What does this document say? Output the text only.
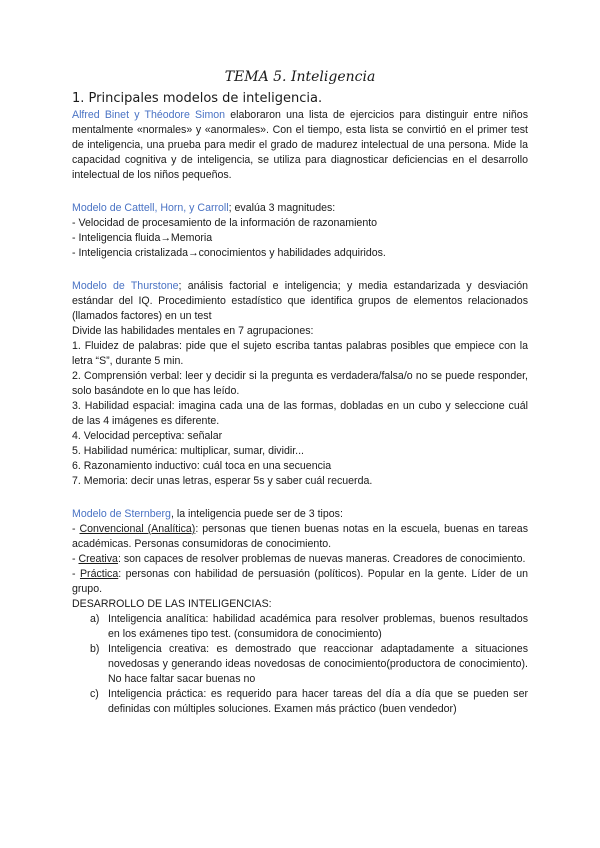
TEMA 5. Inteligencia
1. Principales modelos de inteligencia.

Alfred Binet y Théodore Simon elaboraron una lista de ejercicios para distinguir entre niños mentalmente «normales» y «anormales». Con el tiempo, esta lista se convirtió en el primer test de inteligencia, una prueba para medir el grado de madurez intelectual de una persona. Mide la capacidad cognitiva y de inteligencia, se utiliza para diagnosticar deficiencias en el desarrollo intelectual de los niños pequeños.

Modelo de Cattell, Horn, y Carroll; evalúa 3 magnitudes:

- Velocidad de procesamiento de la información de razonamiento
- Inteligencia fluida→Memoria
- Inteligencia cristalizada→conocimientos y habilidades adquiridos.

Modelo de Thurstone; análisis factorial e inteligencia; y media estandarizada y desviación estándar del IQ. Procedimiento estadístico que identifica grupos de elementos relacionados (llamados factores) en un test

Divide las habilidades mentales en 7 agrupaciones:

1. Fluidez de palabras: pide que el sujeto escriba tantas palabras posibles que empiece con la letra “S”, durante 5 min.

2. Comprensión verbal: leer y decidir si la pregunta es verdadera/falsa/o no se puede responder, solo basándote en lo que has leído.

3. Habilidad espacial: imagina cada una de las formas, dobladas en un cubo y seleccione cuál de las 4 imágenes es diferente.

4. Velocidad perceptiva: señalar

5. Habilidad numérica: multiplicar, sumar, dividir...

6. Razonamiento inductivo: cuál toca en una secuencia

7. Memoria: decir unas letras, esperar 5s y saber cuál recuerda.

Modelo de Sternberg, la inteligencia puede ser de 3 tipos:

- Convencional (Analítica): personas que tienen buenas notas en la escuela, buenas en tareas académicas. Personas consumidoras de conocimiento.

- Creativa: son capaces de resolver problemas de nuevas maneras. Creadores de conocimiento.

- Práctica: personas con habilidad de persuasión (políticos). Popular en la gente. Líder de un grupo.

DESARROLLO DE LAS INTELIGENCIAS:
a) Inteligencia analítica: habilidad académica para resolver problemas, buenos resultados en los exámenes tipo test. (consumidora de conocimiento)
b) Inteligencia creativa: es demostrado que reaccionar adaptadamente a situaciones novedosas y generando ideas novedosas de conocimiento(productora de conocimiento). No hace faltar sacar buenas no
c) Inteligencia práctica: es requerido para hacer tareas del día a día que se pueden ser definidas con múltiples soluciones. Examen más práctico (buen vendedor)
